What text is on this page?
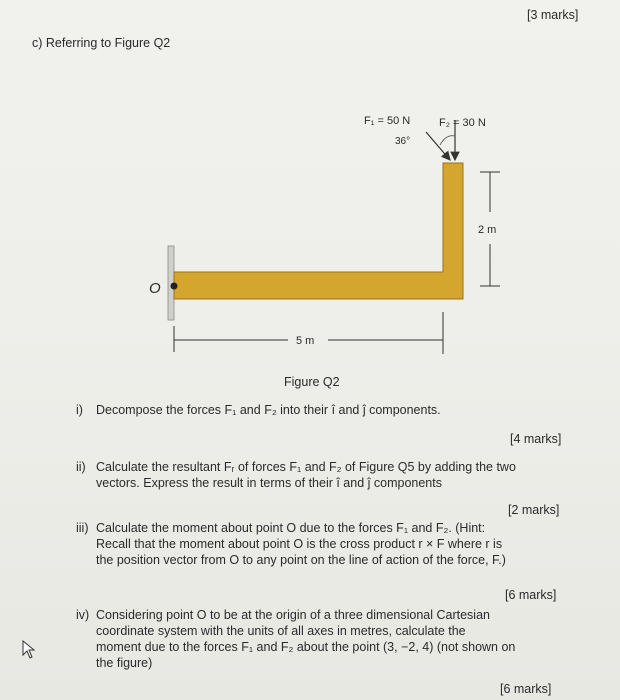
[3 marks]
c) Referring to Figure Q2
O
F₁ = 50 N	F₂ = 30 N
36°
2 m
5 m
Figure Q2
i) Decompose the forces F₁ and F₂ into their î and ĵ components.
[4 marks]
ii) Calculate the resultant Fᵣ of forces F₁ and F₂ of Figure Q5 by adding the two
vectors. Express the result in terms of their î and ĵ components
[2 marks]
iii) Calculate the moment about point O due to the forces F₁ and F₂. (Hint:
Recall that the moment about point O is the cross product r × F where r is
the position vector from O to any point on the line of action of the force, F.)
[6 marks]
iv) Considering point O to be at the origin of a three dimensional Cartesian
coordinate system with the units of all axes in metres, calculate the
moment due to the forces F₁ and F₂ about the point (3, −2, 4) (not shown on
the figure)
[6 marks]
